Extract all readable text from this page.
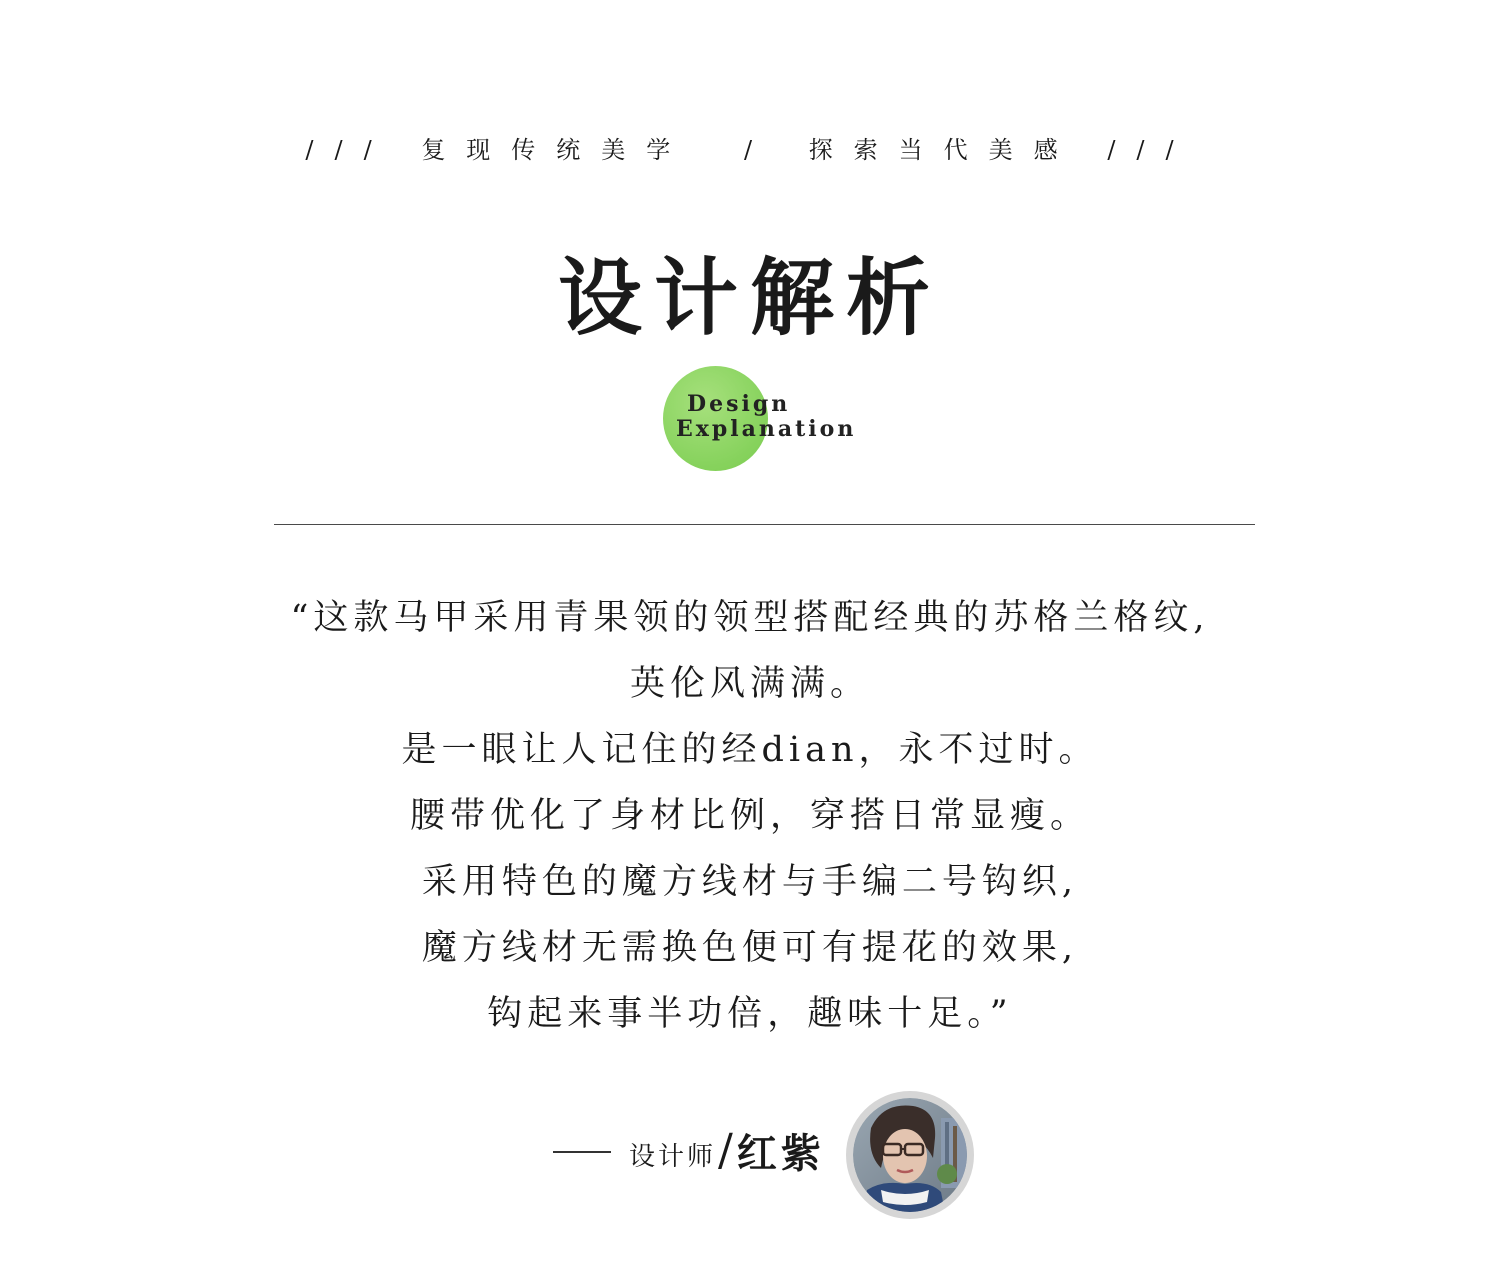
/// 复现传统美学 / 探索当代美感 ///
设计解析
Design
Explanation
“这款马甲采用青果领的领型搭配经典的苏格兰格纹,
英伦风满满。
是一眼让人记住的经dian，永不过时。
腰带优化了身材比例，穿搭日常显瘦。
采用特色的魔方线材与手编二号钩织,
魔方线材无需换色便可有提花的效果,
钩起来事半功倍，趣味十足。”
设计师 / 红紫
